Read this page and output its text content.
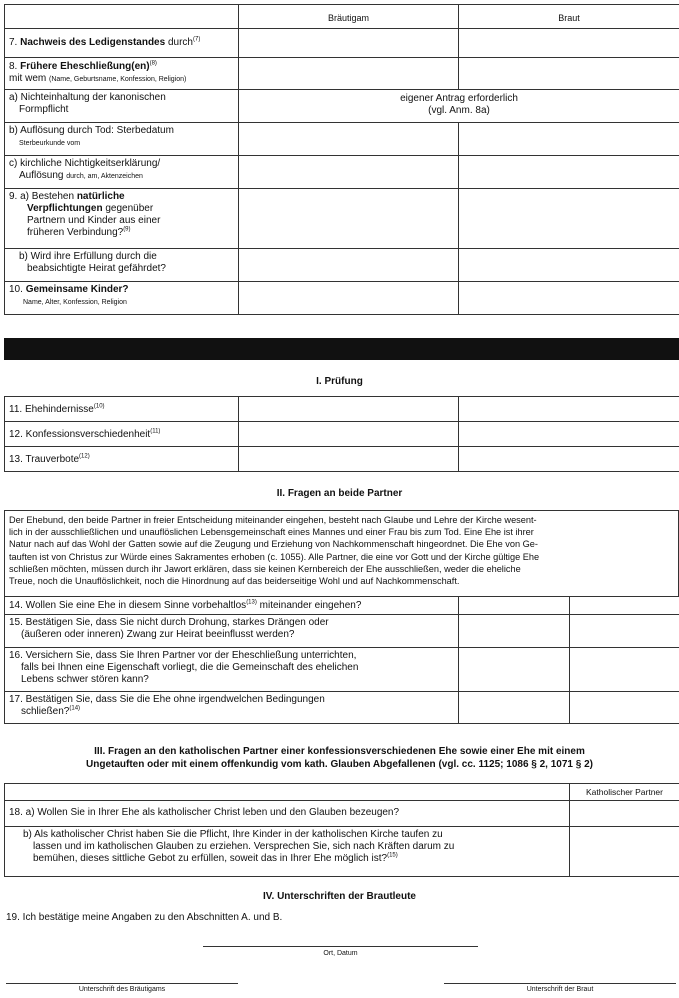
	Bräutigam	Braut
7. Nachweis des Ledigenstandes durch$^{(7)}$		
8. Frühere Eheschließung(en)$^{(8)}$
mit wem (Name, Geburtsname, Konfession, Religion)		
a) Nichteinhaltung der kanonischen
Formpflicht	eigener Antrag erforderlich
(vgl. Anm. 8a)	
b) Auflösung durch Tod: Sterbedatum
Sterbeurkunde vom		
c) kirchliche Nichtigkeitserklärung/
Auflösung durch, am, Aktenzeichen		
9. a) Bestehen natürliche
Verpflichtungen gegenüber
Partnern und Kinder aus einer
früheren Verbindung?$^{(9)}$		
b) Wird ihre Erfüllung durch die
beabsichtigte Heirat gefährdet?		
10. Gemeinsame Kinder?
Name, Alter, Konfession, Religion		
I. Prüfung
11. Ehehindernisse$^{(10)}$		
12. Konfessionsverschiedenheit$^{(11)}$		
13. Trauverbote$^{(12)}$		
II. Fragen an beide Partner
Der Ehebund, den beide Partner in freier Entscheidung miteinander eingehen, besteht nach Glaube und Lehre der Kirche wesent-
lich in der ausschließlichen und unauflöslichen Lebensgemeinschaft eines Mannes und einer Frau bis zum Tod. Eine Ehe ist ihrer
Natur nach auf das Wohl der Gatten sowie auf die Zeugung und Erziehung von Nachkommenschaft hingeordnet. Die Ehe von Ge-
tauften ist von Christus zur Würde eines Sakramentes erhoben (c. 1055). Alle Partner, die eine vor Gott und der Kirche gültige Ehe
schließen möchten, müssen durch ihr Jawort erklären, dass sie keinen Kernbereich der Ehe ausschließen, weder die eheliche
Treue, noch die Unauflöslichkeit, noch die Hinordnung auf das beiderseitige Wohl und auf Nachkommenschaft.
14. Wollen Sie eine Ehe in diesem Sinne vorbehaltlos$^{(13)}$ miteinander eingehen?		
15. Bestätigen Sie, dass Sie nicht durch Drohung, starkes Drängen oder
(äußeren oder inneren) Zwang zur Heirat beeinflusst werden?		
16. Versichern Sie, dass Sie Ihren Partner vor der Eheschließung unterrichten,
falls bei Ihnen eine Eigenschaft vorliegt, die die Gemeinschaft des ehelichen
Lebens schwer stören kann?		
17. Bestätigen Sie, dass Sie die Ehe ohne irgendwelchen Bedingungen
schließen?$^{(14)}$		
III. Fragen an den katholischen Partner einer konfessionsverschiedenen Ehe sowie einer Ehe mit einem
Ungetauften oder mit einem offenkundig vom kath. Glauben Abgefallenen (vgl. cc. 1125; 1086 § 2, 1071 § 2)
	Katholischer Partner
18. a) Wollen Sie in Ihrer Ehe als katholischer Christ leben und den Glauben bezeugen?	
b) Als katholischer Christ haben Sie die Pflicht, Ihre Kinder in der katholischen Kirche taufen zu
lassen und im katholischen Glauben zu erziehen. Versprechen Sie, sich nach Kräften darum zu
bemühen, dieses sittliche Gebot zu erfüllen, soweit das in Ihrer Ehe möglich ist?$^{(15)}$	
IV. Unterschriften der Brautleute
19. Ich bestätige meine Angaben zu den Abschnitten A. und B.
Ort, Datum
Unterschrift des Bräutigams	Unterschrift der Braut
